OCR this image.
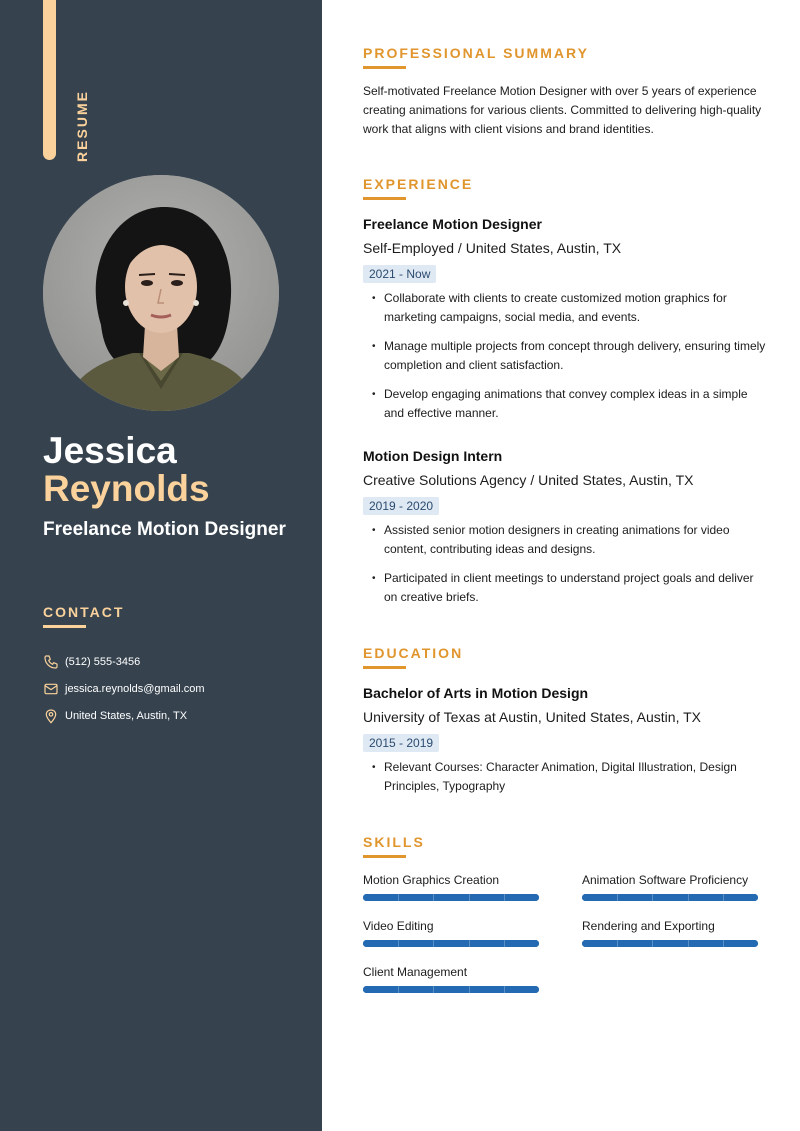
RESUME
Jessica
Reynolds
Freelance Motion Designer
CONTACT
(512) 555-3456
jessica.reynolds@gmail.com
United States, Austin, TX
PROFESSIONAL SUMMARY

Self-motivated Freelance Motion Designer with over 5 years of experience creating animations for various clients. Committed to delivering high-quality work that aligns with client visions and brand identities.

EXPERIENCE
Freelance Motion Designer
Self-Employed / United States, Austin, TX
2021 - Now
• Collaborate with clients to create customized motion graphics for marketing campaigns, social media, and events.
• Manage multiple projects from concept through delivery, ensuring timely completion and client satisfaction.
• Develop engaging animations that convey complex ideas in a simple and effective manner.
Motion Design Intern
Creative Solutions Agency / United States, Austin, TX
2019 - 2020
• Assisted senior motion designers in creating animations for video content, contributing ideas and designs.
• Participated in client meetings to understand project goals and deliver on creative briefs.
EDUCATION
Bachelor of Arts in Motion Design
University of Texas at Austin, United States, Austin, TX
2015 - 2019
• Relevant Courses: Character Animation, Digital Illustration, Design Principles, Typography
SKILLS
Motion Graphics Creation	Animation Software Proficiency
Video Editing	Rendering and Exporting
Client Management
